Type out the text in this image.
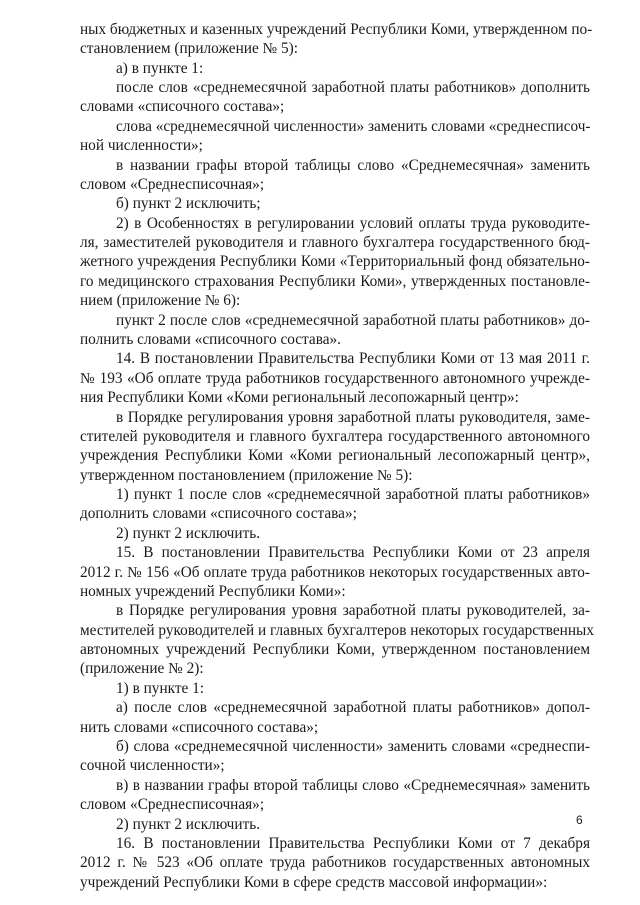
ных бюджетных и казенных учреждений Республики Коми, утвержденном по-
становлением (приложение № 5):
а) в пункте 1:
после слов «среднемесячной заработной платы работников» дополнить
словами «списочного состава»;
слова «среднемесячной численности» заменить словами «среднесписоч-
ной численности»;
в названии графы второй таблицы слово «Среднемесячная» заменить
словом «Среднесписочная»;
б) пункт 2 исключить;
2) в Особенностях в регулировании условий оплаты труда руководите-
ля, заместителей руководителя и главного бухгалтера государственного бюд-
жетного учреждения Республики Коми «Территориальный фонд обязательно-
го медицинского страхования Республики Коми», утвержденных постановле-
нием (приложение № 6):
пункт 2 после слов «среднемесячной заработной платы работников» до-
полнить словами «списочного состава».
14. В постановлении Правительства Республики Коми от 13 мая 2011 г.
№ 193 «Об оплате труда работников государственного автономного учрежде-
ния Республики Коми «Коми региональный лесопожарный центр»:
в Порядке регулирования уровня заработной платы руководителя, заме-
стителей руководителя и главного бухгалтера государственного автономного
учреждения Республики Коми «Коми региональный лесопожарный центр»,
утвержденном постановлением (приложение № 5):
1) пункт 1 после слов «среднемесячной заработной платы работников»
дополнить словами «списочного состава»;
2) пункт 2 исключить.
15. В постановлении Правительства Республики Коми от 23 апреля
2012 г. № 156 «Об оплате труда работников некоторых государственных авто-
номных учреждений Республики Коми»:
в Порядке регулирования уровня заработной платы руководителей, за-
местителей руководителей и главных бухгалтеров некоторых государственных
автономных учреждений Республики Коми, утвержденном постановлением
(приложение № 2):
1) в пункте 1:
а) после слов «среднемесячной заработной платы работников» допол-
нить словами «списочного состава»;
б) слова «среднемесячной численности» заменить словами «среднеспи-
сочной численности»;
в) в названии графы второй таблицы слово «Среднемесячная» заменить
словом «Среднесписочная»;
2) пункт 2 исключить.
16. В постановлении Правительства Республики Коми от 7 декабря
2012 г. № 523 «Об оплате труда работников государственных автономных
учреждений Республики Коми в сфере средств массовой информации»:
6
